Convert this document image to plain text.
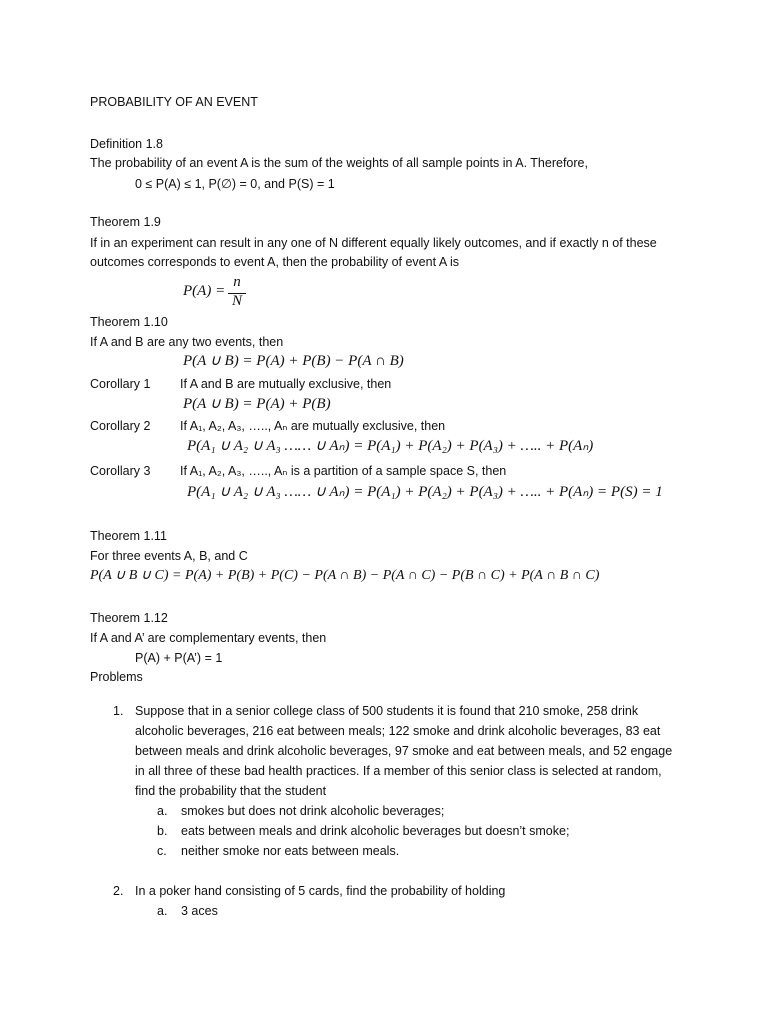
PROBABILITY OF AN EVENT
Definition 1.8
The probability of an event A is the sum of the weights of all sample points in A. Therefore,
0 ≤ P(A) ≤ 1, P(∅) = 0, and P(S) = 1
Theorem 1.9
If in an experiment can result in any one of N different equally likely outcomes, and if exactly n of these
outcomes corresponds to event A, then the probability of event A is
P(A) =
n
N
Theorem 1.10
If A and B are any two events, then
P(A ∪ B) = P(A) + P(B) − P(A ∩ B)
Corollary 1 If A and B are mutually exclusive, then
P(A ∪ B) = P(A) + P(B)
Corollary 2 If A₁, A₂, A₃, ….., Aₙ are mutually exclusive, then
P(A₁ ∪ A₂ ∪ A₃ …… ∪ Aₙ) = P(A₁) + P(A₂) + P(A₃) + ….. + P(Aₙ)
Corollary 3 If A₁, A₂, A₃, ….., Aₙ is a partition of a sample space S, then
P(A₁ ∪ A₂ ∪ A₃ …… ∪ Aₙ) = P(A₁) + P(A₂) + P(A₃) + ….. + P(Aₙ) = P(S) = 1
Theorem 1.11
For three events A, B, and C
P(A ∪ B ∪ C) = P(A) + P(B) + P(C) − P(A ∩ B) − P(A ∩ C) − P(B ∩ C) + P(A ∩ B ∩ C)
Theorem 1.12
If A and A’ are complementary events, then
P(A) + P(A’) = 1
Problems
1. Suppose that in a senior college class of 500 students it is found that 210 smoke, 258 drink
alcoholic beverages, 216 eat between meals; 122 smoke and drink alcoholic beverages, 83 eat
between meals and drink alcoholic beverages, 97 smoke and eat between meals, and 52 engage
in all three of these bad health practices. If a member of this senior class is selected at random,
find the probability that the student
a. smokes but does not drink alcoholic beverages;
b. eats between meals and drink alcoholic beverages but doesn’t smoke;
c. neither smoke nor eats between meals.
2. In a poker hand consisting of 5 cards, find the probability of holding
a. 3 aces
